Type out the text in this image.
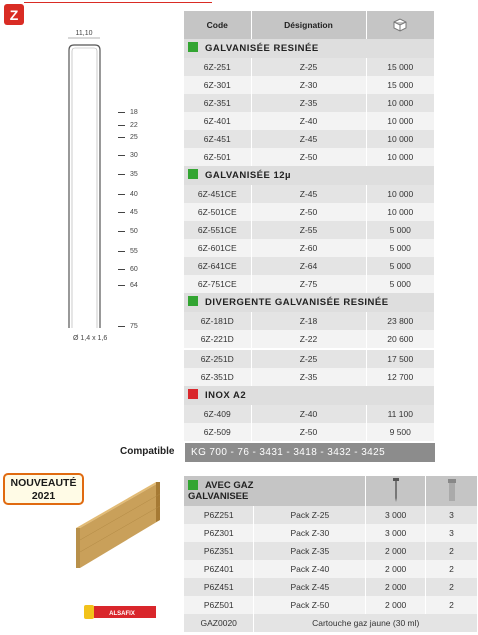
Z
11,10
Ø 1,4 x 1,6
18
22
25
30
35
40
45
50
55
60
64
75
Code	Désignation	
GALVANISÉE RESINÉE		
6Z-251	Z-25	15 000
6Z-301	Z-30	15 000
6Z-351	Z-35	10 000
6Z-401	Z-40	10 000
6Z-451	Z-45	10 000
6Z-501	Z-50	10 000
GALVANISÉE 12µ		
6Z-451CE	Z-45	10 000
6Z-501CE	Z-50	10 000
6Z-551CE	Z-55	5 000
6Z-601CE	Z-60	5 000
6Z-641CE	Z-64	5 000
6Z-751CE	Z-75	5 000
DIVERGENTE GALVANISÉE RESINÉE		
6Z-181D	Z-18	23 800
6Z-221D	Z-22	20 600

6Z-251D	Z-25	17 500
6Z-351D	Z-35	12 700
INOX A2		
6Z-409	Z-40	11 100
6Z-509	Z-50	9 500
Compatible	KG 700 - 76 - 3431 - 3418 - 3432 - 3425
NOUVEAUTÉ
2021
ALSAFIX
AVEC GAZ
GALVANISEE		
P6Z251	Pack Z-25	3 000	3
P6Z301	Pack Z-30	3 000	3
P6Z351	Pack Z-35	2 000	2
P6Z401	Pack Z-40	2 000	2
P6Z451	Pack Z-45	2 000	2
P6Z501	Pack Z-50	2 000	2
GAZ0020	Cartouche gaz jaune (30 ml)		
